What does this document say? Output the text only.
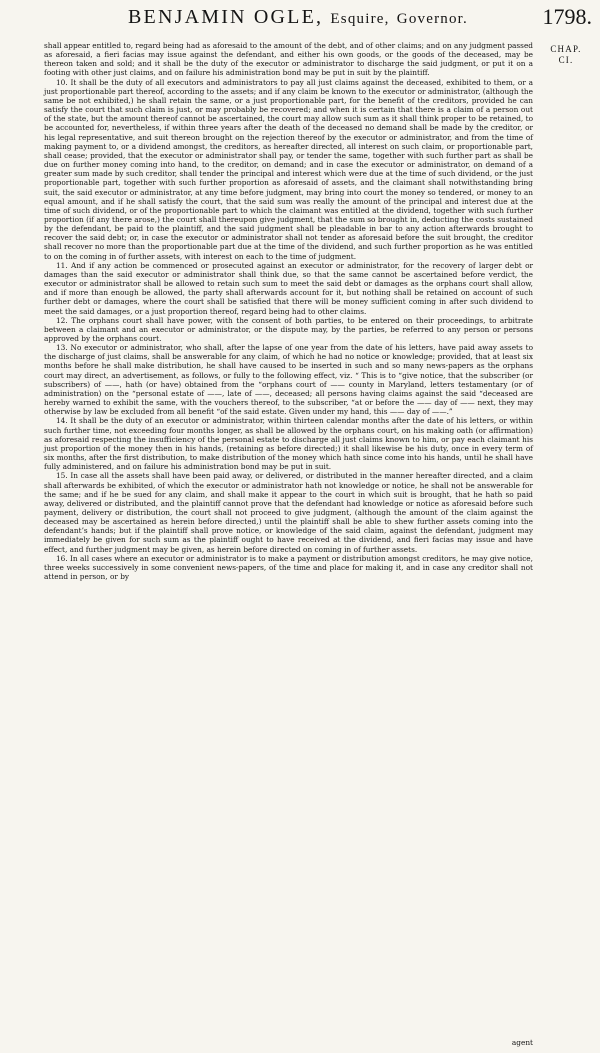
BENJAMIN OGLE, Esquire, Governor.	1798.
CHAP.
CI.

shall appear entitled to, regard being had as aforesaid to the amount of the debt, and of other claims; and on any judgment passed as aforesaid, a fieri facias may issue against the defendant, and either his own goods, or the goods of the deceased, may be thereon taken and sold; and it shall be the duty of the executor or administrator to discharge the said judgment, or put it on a footing with other just claims, and on failure his administration bond may be put in suit by the plaintiff.

10. It shall be the duty of all executors and administrators to pay all just claims against the deceased, exhibited to them, or a just proportionable part thereof, according to the assets; and if any claim be known to the executor or administrator, (although the same be not exhibited,) he shall retain the same, or a just proportionable part, for the benefit of the creditors, provided he can satisfy the court that such claim is just, or may probably be recovered; and when it is certain that there is a claim of a person out of the state, but the amount thereof cannot be ascertained, the court may allow such sum as it shall think proper to be retained, to be accounted for, nevertheless, if within three years after the death of the deceased no demand shall be made by the creditor, or his legal representative, and suit thereon brought on the rejection thereof by the executor or administrator, and from the time of making payment to, or a dividend amongst, the creditors, as hereafter directed, all interest on such claim, or proportionable part, shall cease; provided, that the executor or administrator shall pay, or tender the same, together with such further part as shall be due on further money coming into hand, to the creditor, on demand; and in case the executor or administrator, on demand of a greater sum made by such creditor, shall tender the principal and interest which were due at the time of such dividend, or the just proportionable part, together with such further proportion as aforesaid of assets, and the claimant shall notwithstanding bring suit, the said executor or administrator, at any time before judgment, may bring into court the money so tendered, or money to an equal amount, and if he shall satisfy the court, that the said sum was really the amount of the principal and interest due at the time of such dividend, or of the proportionable part to which the claimant was entitled at the dividend, together with such further proportion (if any there arose,) the court shall thereupon give judgment, that the sum so brought in, deducting the costs sustained by the defendant, be paid to the plaintiff, and the said judgment shall be pleadable in bar to any action afterwards brought to recover the said debt; or, in case the executor or administrator shall not tender as aforesaid before the suit brought, the creditor shall recover no more than the proportionable part due at the time of the dividend, and such further proportion as he was entitled to on the coming in of further assets, with interest on each to the time of judgment.

11. And if any action be commenced or prosecuted against an executor or administrator, for the recovery of larger debt or damages than the said executor or administrator shall think due, so that the same cannot be ascertained before verdict, the executor or administrator shall be allowed to retain such sum to meet the said debt or damages as the orphans court shall allow, and if more than enough be allowed, the party shall afterwards account for it, but nothing shall be retained on account of such further debt or damages, where the court shall be satisfied that there will be money sufficient coming in after such dividend to meet the said damages, or a just proportion thereof, regard being had to other claims.

12. The orphans court shall have power, with the consent of both parties, to be entered on their proceedings, to arbitrate between a claimant and an executor or administrator, or the dispute may, by the parties, be referred to any person or persons approved by the orphans court.

13. No executor or administrator, who shall, after the lapse of one year from the date of his letters, have paid away assets to the discharge of just claims, shall be answerable for any claim, of which he had no notice or knowledge; provided, that at least six months before he shall make distribution, he shall have caused to be inserted in such and so many news-papers as the orphans court may direct, an advertisement, as follows, or fully to the following effect, viz. “ This is to “give notice, that the subscriber (or subscribers) of ——, hath (or have) obtained from the “orphans court of —— county in Maryland, letters testamentary (or of administration) on the “personal estate of ——, late of ——, deceased; all persons having claims against the said “deceased are hereby warned to exhibit the same, with the vouchers thereof, to the subscriber, “at or before the —— day of —— next, they may otherwise by law be excluded from all benefit “of the said estate. Given under my hand, this —— day of ——.”

14. It shall be the duty of an executor or administrator, within thirteen calendar months after the date of his letters, or within such further time, not exceeding four months longer, as shall be allowed by the orphans court, on his making oath (or affirmation) as aforesaid respecting the insufficiency of the personal estate to discharge all just claims known to him, or pay each claimant his just proportion of the money then in his hands, (retaining as before directed;) it shall likewise be his duty, once in every term of six months, after the first distribution, to make distribution of the money which hath since come into his hands, until he shall have fully administered, and on failure his administration bond may be put in suit.

15. In case all the assets shall have been paid away, or delivered, or distributed in the manner hereafter directed, and a claim shall afterwards be exhibited, of which the executor or administrator hath not knowledge or notice, he shall not be answerable for the same; and if he be sued for any claim, and shall make it appear to the court in which suit is brought, that he hath so paid away, delivered or distributed, and the plaintiff cannot prove that the defendant had knowledge or notice as aforesaid before such payment, delivery or distribution, the court shall not proceed to give judgment, (although the amount of the claim against the deceased may be ascertained as herein before directed,) until the plaintiff shall be able to shew further assets coming into the defendant’s hands; but if the plaintiff shall prove notice, or knowledge of the said claim, against the defendant, judgment may immediately be given for such sum as the plaintiff ought to have received at the dividend, and fieri facias may issue and have effect, and further judgment may be given, as herein before directed on coming in of further assets.

16. In all cases where an executor or administrator is to make a payment or distribution amongst creditors, he may give notice, three weeks successively in some convenient news-papers, of the time and place for making it, and in case any creditor shall not attend in person, or by

agent
